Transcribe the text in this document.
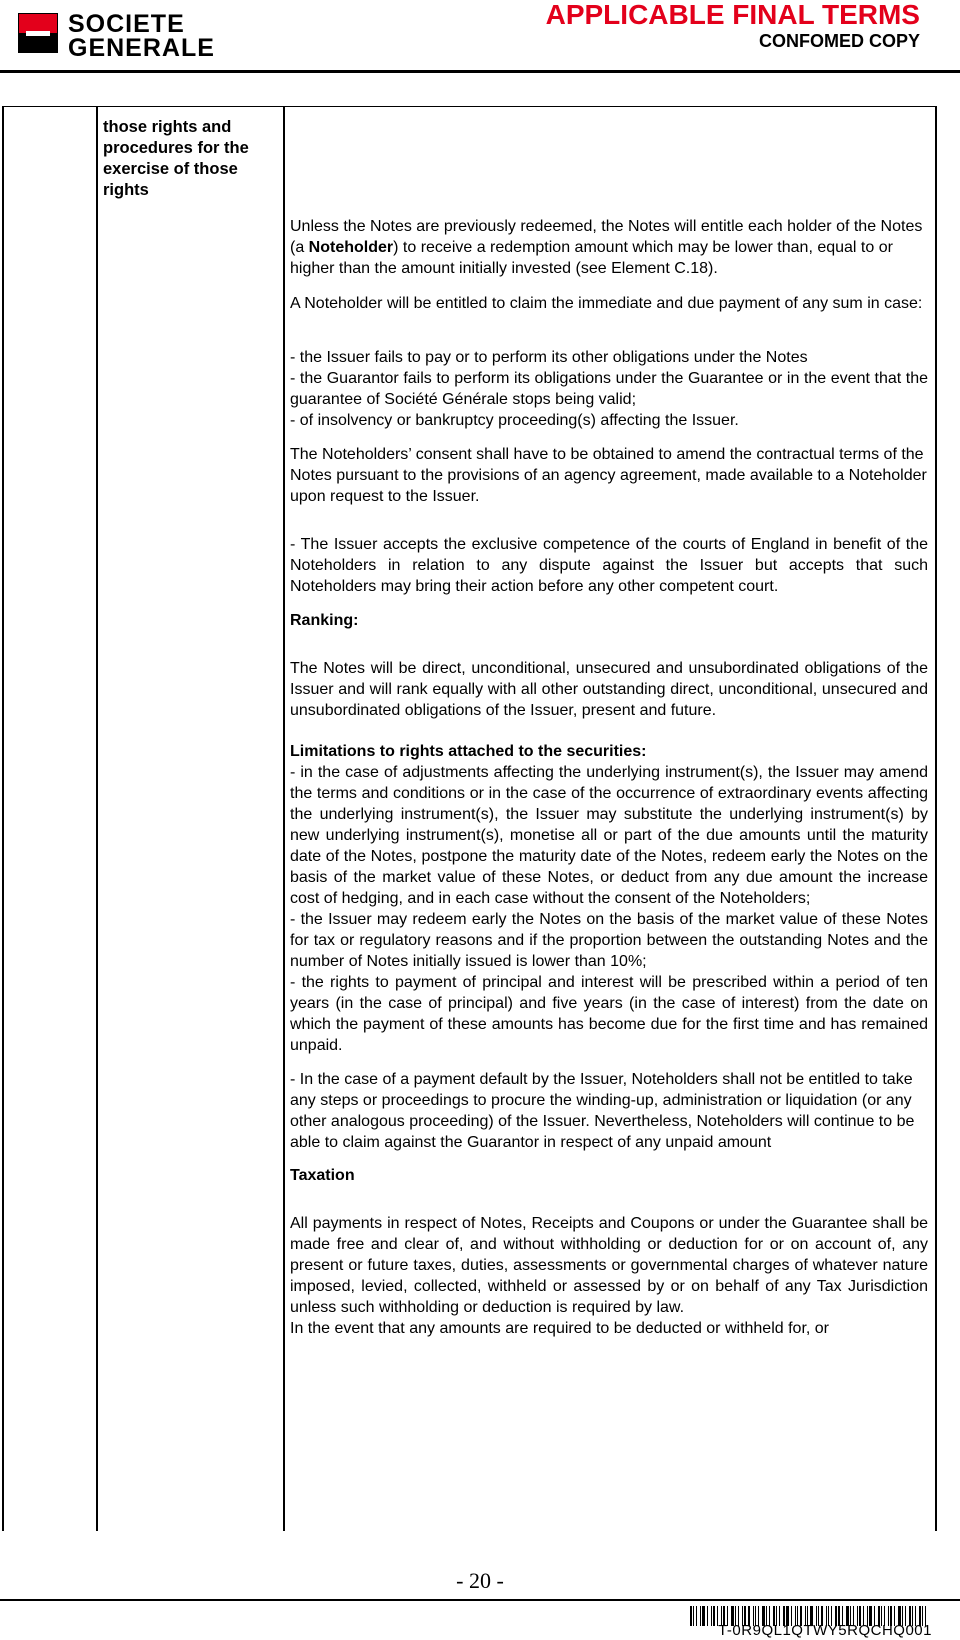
SOCIETE
GENERALE
APPLICABLE FINAL TERMS
CONFOMED COPY
those rights and procedures for the exercise of those rights

Unless the Notes are previously redeemed, the Notes will entitle each holder of the Notes (a Noteholder) to receive a redemption amount which may be lower than, equal to or higher than the amount initially invested (see Element C.18).

A Noteholder will be entitled to claim the immediate and due payment of any sum in case:

- the Issuer fails to pay or to perform its other obligations under the Notes

- the Guarantor fails to perform its obligations under the Guarantee or in the event that the guarantee of Société Générale stops being valid;

- of insolvency or bankruptcy proceeding(s) affecting the Issuer.

The Noteholders’ consent shall have to be obtained to amend the contractual terms of the Notes pursuant to the provisions of an agency agreement, made available to a Noteholder upon request to the Issuer.

- The Issuer accepts the exclusive competence of the courts of England in benefit of the Noteholders in relation to any dispute against the Issuer but accepts that such Noteholders may bring their action before any other competent court.

Ranking:

The Notes will be direct, unconditional, unsecured and unsubordinated obligations of the Issuer and will rank equally with all other outstanding direct, unconditional, unsecured and unsubordinated obligations of the Issuer, present and future.

Limitations to rights attached to the securities:

- in the case of adjustments affecting the underlying instrument(s), the Issuer may amend the terms and conditions or in the case of the occurrence of extraordinary events affecting the underlying instrument(s), the Issuer may substitute the underlying instrument(s) by new underlying instrument(s), monetise all or part of the due amounts until the maturity date of the Notes, postpone the maturity date of the Notes, redeem early the Notes on the basis of the market value of these Notes, or deduct from any due amount the increase cost of hedging, and in each case without the consent of the Noteholders;

- the Issuer may redeem early the Notes on the basis of the market value of these Notes for tax or regulatory reasons and if the proportion between the outstanding Notes and the number of Notes initially issued is lower than 10%;

- the rights to payment of principal and interest will be prescribed within a period of ten years (in the case of principal) and five years (in the case of interest) from the date on which the payment of these amounts has become due for the first time and has remained unpaid.

- In the case of a payment default by the Issuer, Noteholders shall not be entitled to take any steps or proceedings to procure the winding-up, administration or liquidation (or any other analogous proceeding) of the Issuer. Nevertheless, Noteholders will continue to be able to claim against the Guarantor in respect of any unpaid amount

Taxation

All payments in respect of Notes, Receipts and Coupons or under the Guarantee shall be made free and clear of, and without withholding or deduction for or on account of, any present or future taxes, duties, assessments or governmental charges of whatever nature imposed, levied, collected, withheld or assessed by or on behalf of any Tax Jurisdiction unless such withholding or deduction is required by law.

In the event that any amounts are required to be deducted or withheld for, or

- 20 -
T-0R9QL1QTWY5RQCHQ001
